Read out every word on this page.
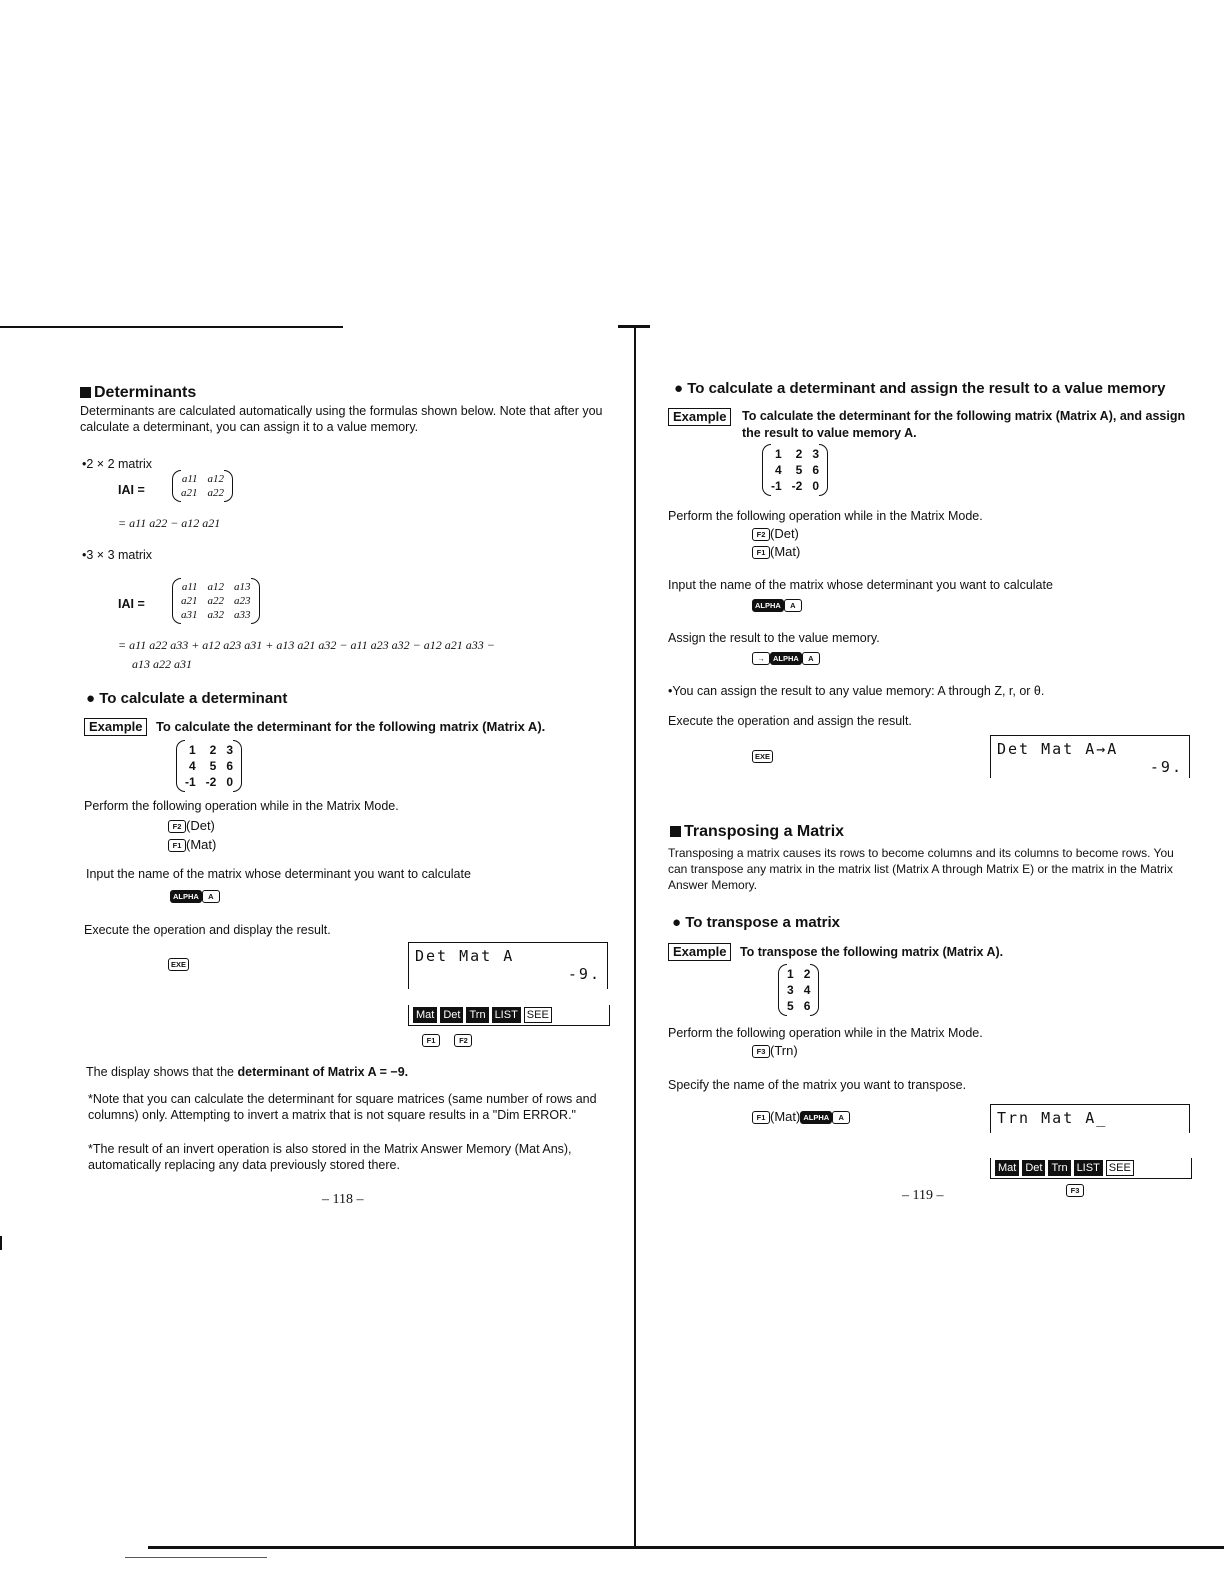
Determinants
Determinants are calculated automatically using the formulas shown below. Note that after you calculate a determinant, you can assign it to a value memory.
•2 × 2 matrix
IAI =
a11	a12
a21	a22
= a11 a22 − a12 a21
•3 × 3 matrix
IAI =
a11	a12	a13
a21	a22	a23
a31	a32	a33
= a11 a22 a33 + a12 a23 a31 + a13 a21 a32 − a11 a23 a32 − a12 a21 a33 −
a13 a22 a31
● To calculate a determinant
Example To calculate the determinant for the following matrix (Matrix A).
1	2	3
4	5	6
-1	-2	0
Perform the following operation while in the Matrix Mode.
F2 (Det)
F1 (Mat)
Input the name of the matrix whose determinant you want to calculate
ALPHA A
Execute the operation and display the result.
EXE	Det Mat A
-9.
Mat Det Trn LIST SEE
F1	F2
The display shows that the determinant of Matrix A = −9.
*Note that you can calculate the determinant for square matrices (same number of rows and columns) only. Attempting to invert a matrix that is not square results in a "Dim ERROR."
*The result of an invert operation is also stored in the Matrix Answer Memory (Mat Ans), automatically replacing any data previously stored there.
– 118 –
● To calculate a determinant and assign the result to a value memory
Example	To calculate the determinant for the following matrix (Matrix A), and assign the result to value memory A.
1	2	3
4	5	6
-1	-2	0
Perform the following operation while in the Matrix Mode.
F2 (Det)
F1 (Mat)
Input the name of the matrix whose determinant you want to calculate
ALPHA A
Assign the result to the value memory.
→ ALPHA A
•You can assign the result to any value memory: A through Z, r, or θ.
Execute the operation and assign the result.
EXE	Det Mat A→A
-9.
Transposing a Matrix
Transposing a matrix causes its rows to become columns and its columns to become rows. You can transpose any matrix in the matrix list (Matrix A through Matrix E) or the matrix in the Matrix Answer Memory.
● To transpose a matrix
Example To transpose the following matrix (Matrix A).
1	2
3	4
5	6
Perform the following operation while in the Matrix Mode.
F3 (Trn)
Specify the name of the matrix you want to transpose.
F1 (Mat) ALPHA A	Trn Mat A_
Mat Det Trn LIST SEE
F3
– 119 –
